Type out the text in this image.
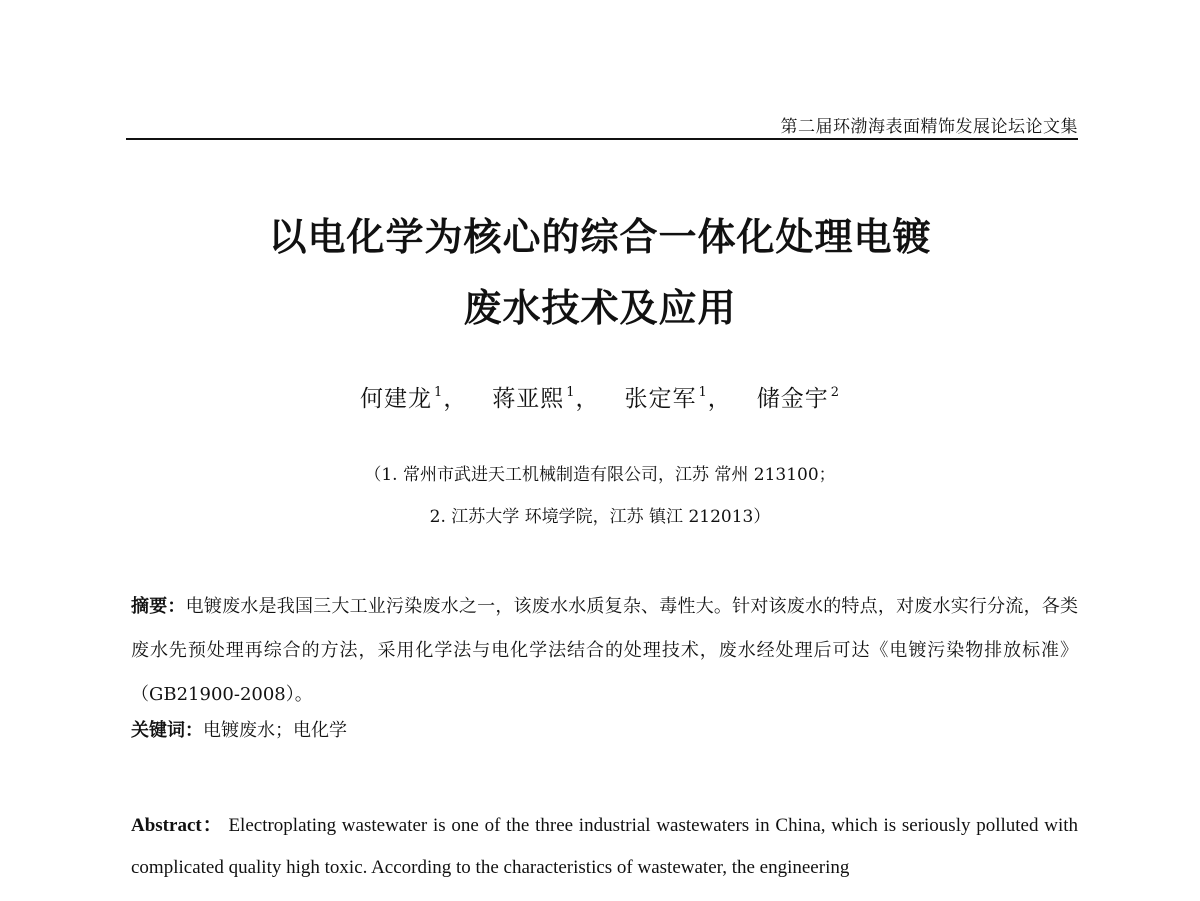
第二届环渤海表面精饰发展论坛论文集
以电化学为核心的综合一体化处理电镀
废水技术及应用
何建龙 $^1$，   蒋亚熙 $^1$，   张定军 $^1$，   储金宇 $^2$
（1. 常州市武进天工机械制造有限公司，江苏 常州 213100；
2. 江苏大学 环境学院，江苏 镇江 212013）
摘要：电镀废水是我国三大工业污染废水之一，该废水水质复杂、毒性大。针对该废水的特点，对废水实行分流，各类废水先预处理再综合的方法，采用化学法与电化学法结合的处理技术，废水经处理后可达《电镀污染物排放标准》（GB21900-2008）。
关键词：电镀废水；电化学
Abstract： Electroplating wastewater is one of the three industrial wastewaters in China, which is seriously polluted with complicated quality high toxic. According to the characteristics of wastewater, the engineering
